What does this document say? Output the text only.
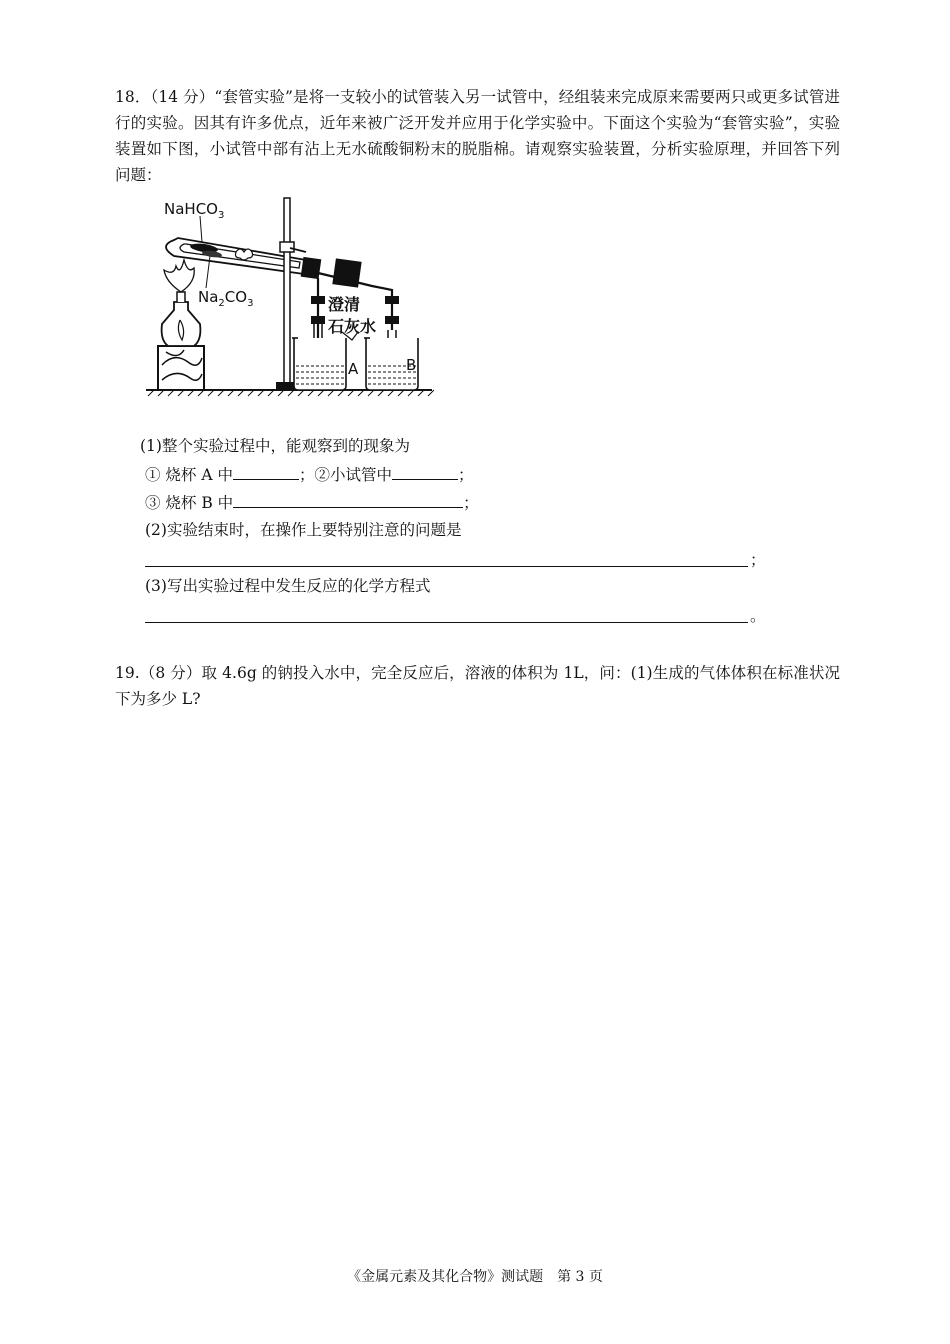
18．（14 分）“套管实验”是将一支较小的试管装入另一试管中，经组装来完成原来需要两只或更多试管进行的实验。因其有许多优点，近年来被广泛开发并应用于化学实验中。下面这个实验为“套管实验”，实验装置如下图，小试管中部有沾上无水硫酸铜粉末的脱脂棉。请观察实验装置，分析实验原理，并回答下列问题：

NaHCO$_3$
$Na_2CO_3$	澄清
石灰水
A	B
(1)整个实验过程中，能观察到的现象为
① 烧杯 A 中	；②小试管中	；
③ 烧杯 B 中	；
(2)实验结束时，在操作上要特别注意的问题是
；
(3)写出实验过程中发生反应的化学方程式
。

19.（8 分）取 4.6g 的钠投入水中，完全反应后，溶液的体积为 1L，问：(1)生成的气体体积在标准状况下为多少 L?

《金属元素及其化合物》测试题　第 3 页
